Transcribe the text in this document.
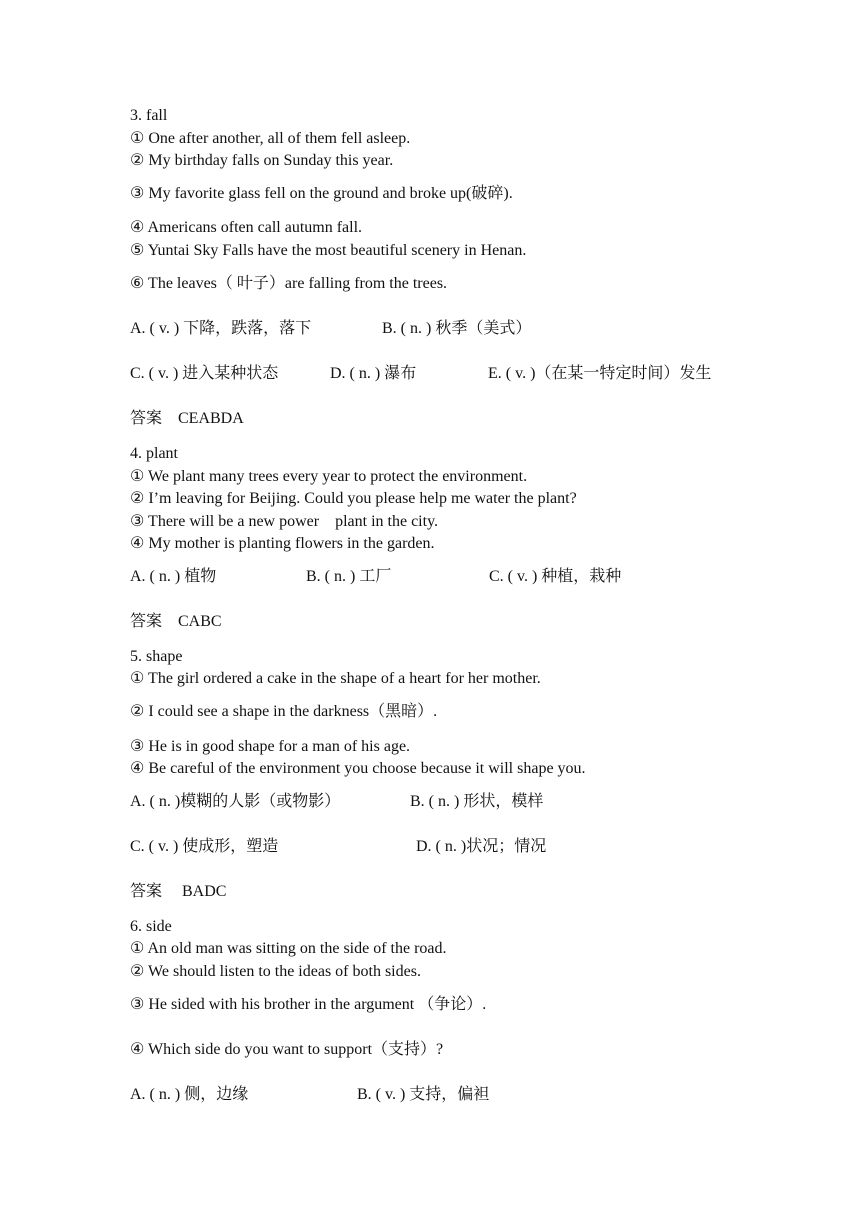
3. fall
① One after another, all of them fell asleep.
② My birthday falls on Sunday this year.
③ My favorite glass fell on the ground and broke up(破碎).
④ Americans often call autumn fall.
⑤ Yuntai Sky Falls have the most beautiful scenery in Henan.
⑥ The leaves（ 叶子）are falling from the trees.
A. ( v. ) 下降，跌落，落下	B. ( n. ) 秋季（美式）
C. ( v. ) 进入某种状态	D. ( n. ) 瀑布	E. ( v. )（在某一特定时间）发生
答案　CEABDA
4. plant
① We plant many trees every year to protect the environment.
② I’m leaving for Beijing. Could you please help me water the plant?
③ There will be a new power　plant in the city.
④ My mother is planting flowers in the garden.
A. ( n. ) 植物	B. ( n. ) 工厂	C. ( v. ) 种植，栽种
答案　CABC
5. shape
① The girl ordered a cake in the shape of a heart for her mother.
② I could see a shape in the darkness（黑暗）.
③ He is in good shape for a man of his age.
④ Be careful of the environment you choose because it will shape you.
A. ( n. )模糊的人影（或物影）	B. ( n. ) 形状，模样
C. ( v. ) 使成形，塑造	D. ( n. )状况；情况
答案　 BADC
6. side
① An old man was sitting on the side of the road.
② We should listen to the ideas of both sides.
③ He sided with his brother in the argument （争论）.
④ Which side do you want to support（支持）?
A. ( n. ) 侧，边缘	B. ( v. ) 支持，偏袒
